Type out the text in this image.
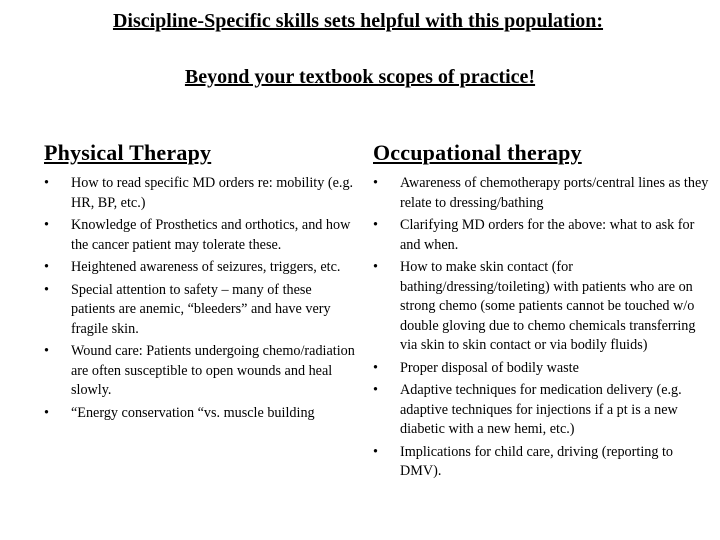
Discipline-Specific skills sets helpful with this population:
Beyond your textbook scopes of practice!
Physical Therapy
• How to read specific MD orders re: mobility (e.g. HR, BP, etc.)
• Knowledge of Prosthetics and orthotics, and how the cancer patient may tolerate these.
• Heightened awareness of seizures, triggers, etc.
• Special attention to safety – many of these patients are anemic, “bleeders” and have very fragile skin.
• Wound care: Patients undergoing chemo/radiation are often susceptible to open wounds and heal slowly.
• “Energy conservation “vs. muscle building
Occupational therapy
• Awareness of chemotherapy ports/central lines as they relate to dressing/bathing
• Clarifying MD orders for the above: what to ask for and when.
• How to make skin contact (for bathing/dressing/toileting) with patients who are on strong chemo (some patients cannot be touched w/o double gloving due to chemo chemicals transferring via skin to skin contact or via bodily fluids)
• Proper disposal of bodily waste
• Adaptive techniques for medication delivery (e.g. adaptive techniques for injections if a pt is a new diabetic with a new hemi, etc.)
• Implications for child care, driving (reporting to DMV).
